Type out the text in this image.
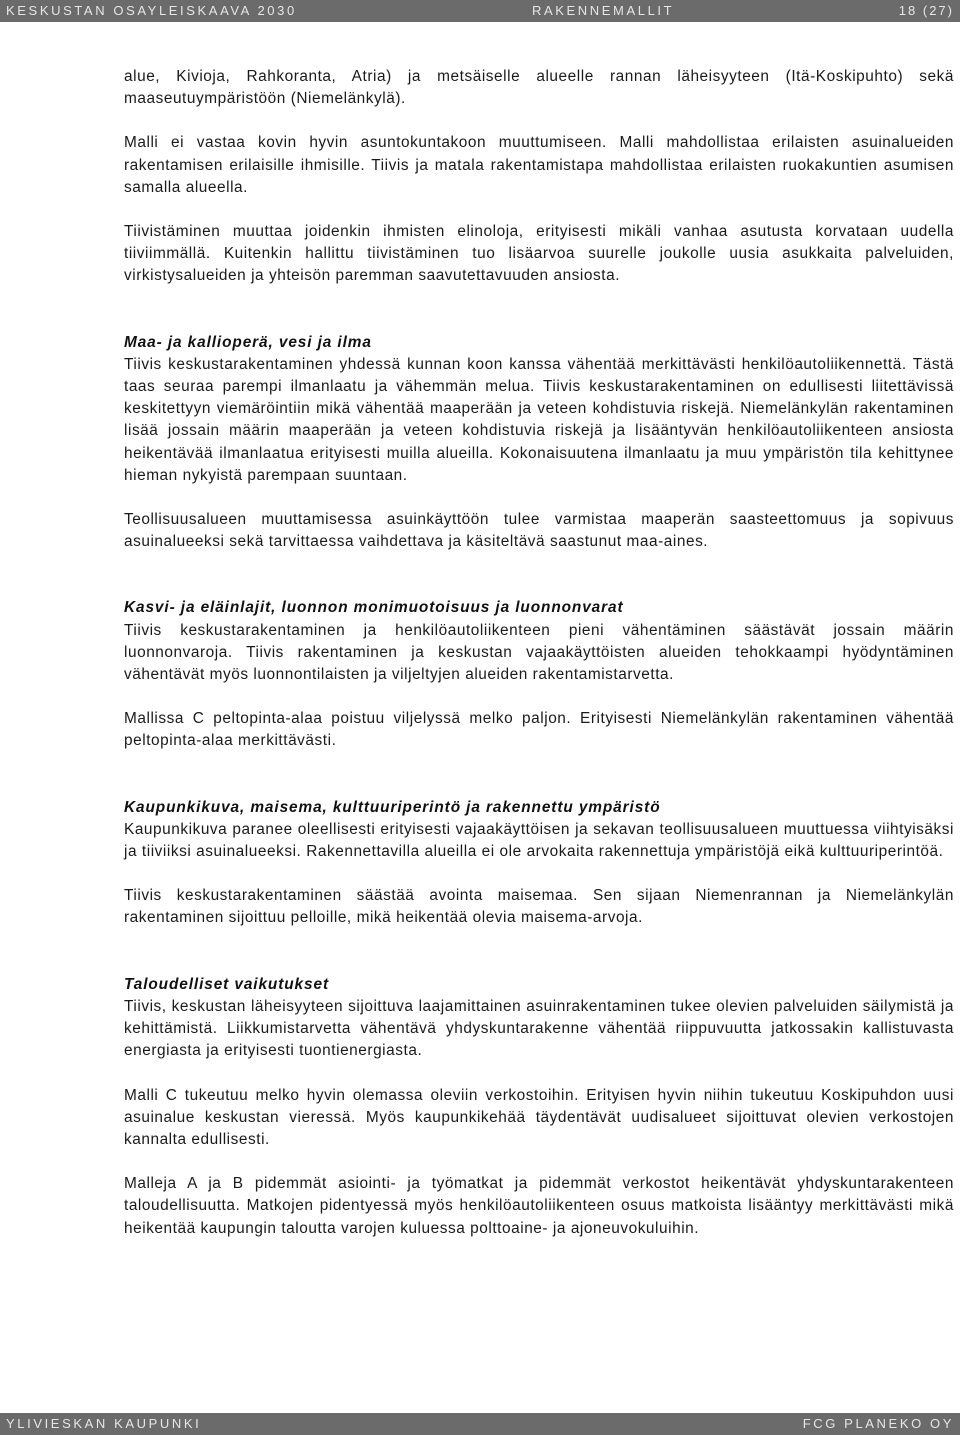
KESKUSTAN OSAYLEISKAAVA 2030	RAKENNEMALLIT	18 (27)

alue, Kivioja, Rahkoranta, Atria) ja metsäiselle alueelle rannan läheisyyteen (Itä-Koskipuhto) sekä maaseutuympäristöön (Niemelänkylä).

Malli ei vastaa kovin hyvin asuntokuntakoon muuttumiseen. Malli mahdollistaa erilaisten asuinalueiden rakentamisen erilaisille ihmisille. Tiivis ja matala rakentamistapa mahdollistaa erilaisten ruokakuntien asumisen samalla alueella.

Tiivistäminen muuttaa joidenkin ihmisten elinoloja, erityisesti mikäli vanhaa asutusta korvataan uudella tiiviimmällä. Kuitenkin hallittu tiivistäminen tuo lisäarvoa suurelle joukolle uusia asukkaita palveluiden, virkistysalueiden ja yhteisön paremman saavutettavuuden ansiosta.

Maa- ja kallioperä, vesi ja ilma

Tiivis keskustarakentaminen yhdessä kunnan koon kanssa vähentää merkittävästi henkilöautoliikennettä. Tästä taas seuraa parempi ilmanlaatu ja vähemmän melua. Tiivis keskustarakentaminen on edullisesti liitettävissä keskitettyyn viemäröintiin mikä vähentää maaperään ja veteen kohdistuvia riskejä. Niemelänkylän rakentaminen lisää jossain määrin maaperään ja veteen kohdistuvia riskejä ja lisääntyvän henkilöautoliikenteen ansiosta heikentävää ilmanlaatua erityisesti muilla alueilla. Kokonaisuutena ilmanlaatu ja muu ympäristön tila kehittynee hieman nykyistä parempaan suuntaan.

Teollisuusalueen muuttamisessa asuinkäyttöön tulee varmistaa maaperän saasteettomuus ja sopivuus asuinalueeksi sekä tarvittaessa vaihdettava ja käsiteltävä saastunut maa-aines.

Kasvi- ja eläinlajit, luonnon monimuotoisuus ja luonnonvarat

Tiivis keskustarakentaminen ja henkilöautoliikenteen pieni vähentäminen säästävät jossain määrin luonnonvaroja. Tiivis rakentaminen ja keskustan vajaakäyttöisten alueiden tehokkaampi hyödyntäminen vähentävät myös luonnontilaisten ja viljeltyjen alueiden rakentamistarvetta.

Mallissa C peltopinta-alaa poistuu viljelyssä melko paljon. Erityisesti Niemelänkylän rakentaminen vähentää peltopinta-alaa merkittävästi.

Kaupunkikuva, maisema, kulttuuriperintö ja rakennettu ympäristö

Kaupunkikuva paranee oleellisesti erityisesti vajaakäyttöisen ja sekavan teollisuusalueen muuttuessa viihtyisäksi ja tiiviiksi asuinalueeksi. Rakennettavilla alueilla ei ole arvokaita rakennettuja ympäristöjä eikä kulttuuriperintöä.

Tiivis keskustarakentaminen säästää avointa maisemaa. Sen sijaan Niemenrannan ja Niemelänkylän rakentaminen sijoittuu pelloille, mikä heikentää olevia maisema-arvoja.

Taloudelliset vaikutukset

Tiivis, keskustan läheisyyteen sijoittuva laajamittainen asuinrakentaminen tukee olevien palveluiden säilymistä ja kehittämistä. Liikkumistarvetta vähentävä yhdyskuntarakenne vähentää riippuvuutta jatkossakin kallistuvasta energiasta ja erityisesti tuontienergiasta.

Malli C tukeutuu melko hyvin olemassa oleviin verkostoihin. Erityisen hyvin niihin tukeutuu Koskipuhdon uusi asuinalue keskustan vieressä. Myös kaupunkikehää täydentävät uudisalueet sijoittuvat olevien verkostojen kannalta edullisesti.

Malleja A ja B pidemmät asiointi- ja työmatkat ja pidemmät verkostot heikentävät yhdyskuntarakenteen taloudellisuutta. Matkojen pidentyessä myös henkilöautoliikenteen osuus matkoista lisääntyy merkittävästi mikä heikentää kaupungin taloutta varojen kuluessa polttoaine- ja ajoneuvokuluihin.

YLIVIESKAN KAUPUNKI	FCG PLANEKO OY
